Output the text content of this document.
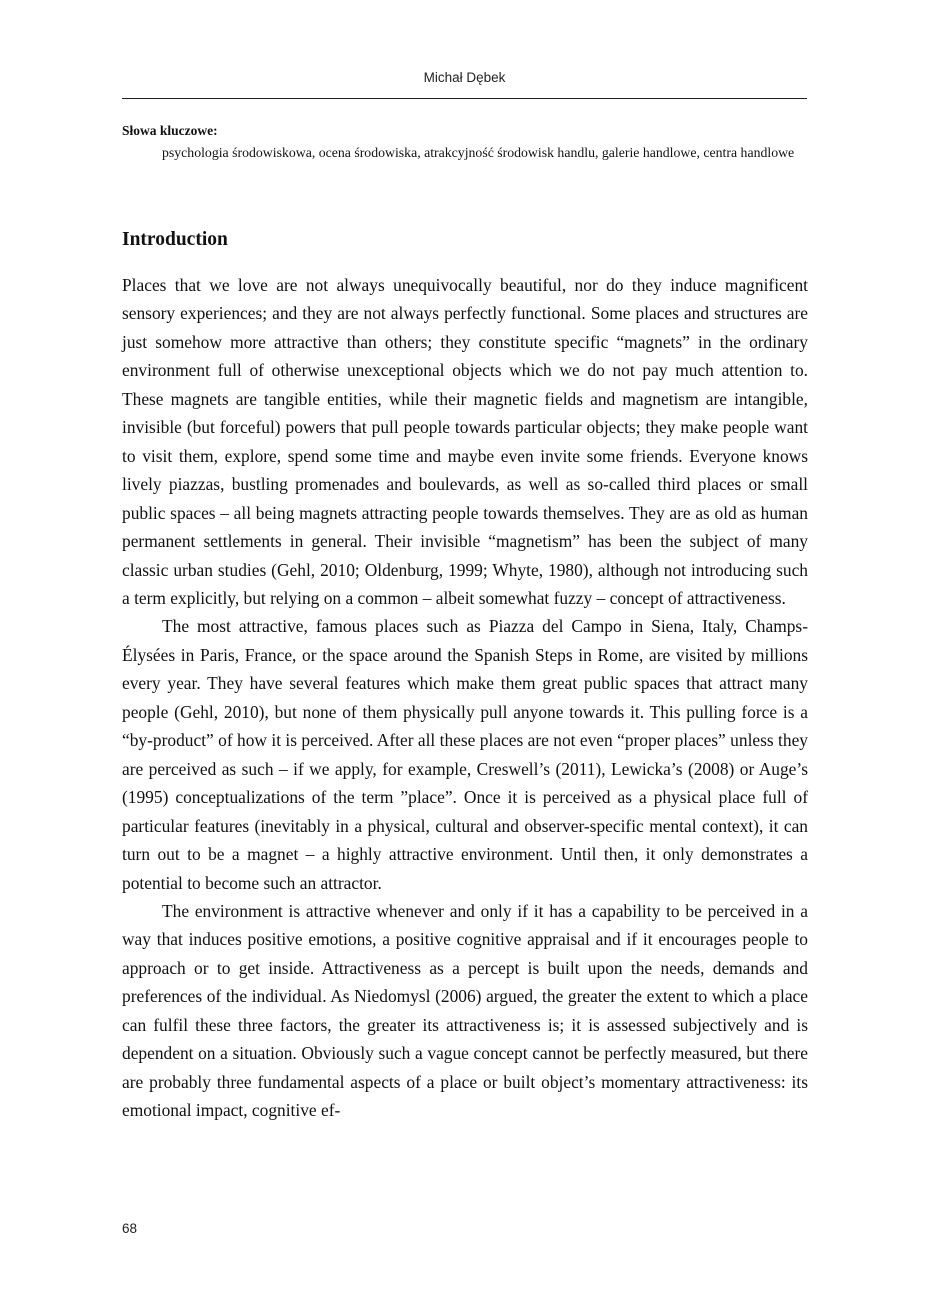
Michał Dębek
Słowa kluczowe:
psychologia środowiskowa, ocena środowiska, atrakcyjność środowisk handlu, galerie handlowe, centra handlowe
Introduction

Places that we love are not always unequivocally beautiful, nor do they induce magnificent sensory experiences; and they are not always perfectly functional. Some places and structures are just somehow more attractive than others; they constitute specific “magnets” in the ordinary environment full of otherwise unexceptional objects which we do not pay much attention to. These magnets are tangible entities, while their magnetic fields and magnetism are intangible, invisible (but forceful) powers that pull people towards particular objects; they make people want to visit them, explore, spend some time and maybe even invite some friends. Everyone knows lively piazzas, bustling promenades and boulevards, as well as so-called third places or small public spaces – all being magnets attracting people towards themselves. They are as old as human permanent settlements in general. Their invisible “magnetism” has been the subject of many classic urban studies (Gehl, 2010; Oldenburg, 1999; Whyte, 1980), although not introducing such a term explicitly, but relying on a common – albeit somewhat fuzzy – concept of attractiveness.

The most attractive, famous places such as Piazza del Campo in Siena, Italy, Champs-Élysées in Paris, France, or the space around the Spanish Steps in Rome, are visited by millions every year. They have several features which make them great public spaces that attract many people (Gehl, 2010), but none of them physically pull anyone towards it. This pulling force is a “by-product” of how it is perceived. After all these places are not even “proper places” unless they are perceived as such – if we apply, for example, Creswell’s (2011), Lewicka’s (2008) or Auge’s (1995) conceptualizations of the term ”place”. Once it is perceived as a physical place full of particular features (inevitably in a physical, cultural and observer-specific mental context), it can turn out to be a magnet – a highly attractive environment. Until then, it only demonstrates a potential to become such an attractor.

The environment is attractive whenever and only if it has a capability to be perceived in a way that induces positive emotions, a positive cognitive appraisal and if it encourages people to approach or to get inside. Attractiveness as a percept is built upon the needs, demands and preferences of the individual. As Niedomysl (2006) argued, the greater the extent to which a place can fulfil these three factors, the greater its attractiveness is; it is assessed subjectively and is dependent on a situation. Obviously such a vague concept cannot be perfectly measured, but there are probably three fundamental aspects of a place or built object’s momentary attractiveness: its emotional impact, cognitive ef-

68
